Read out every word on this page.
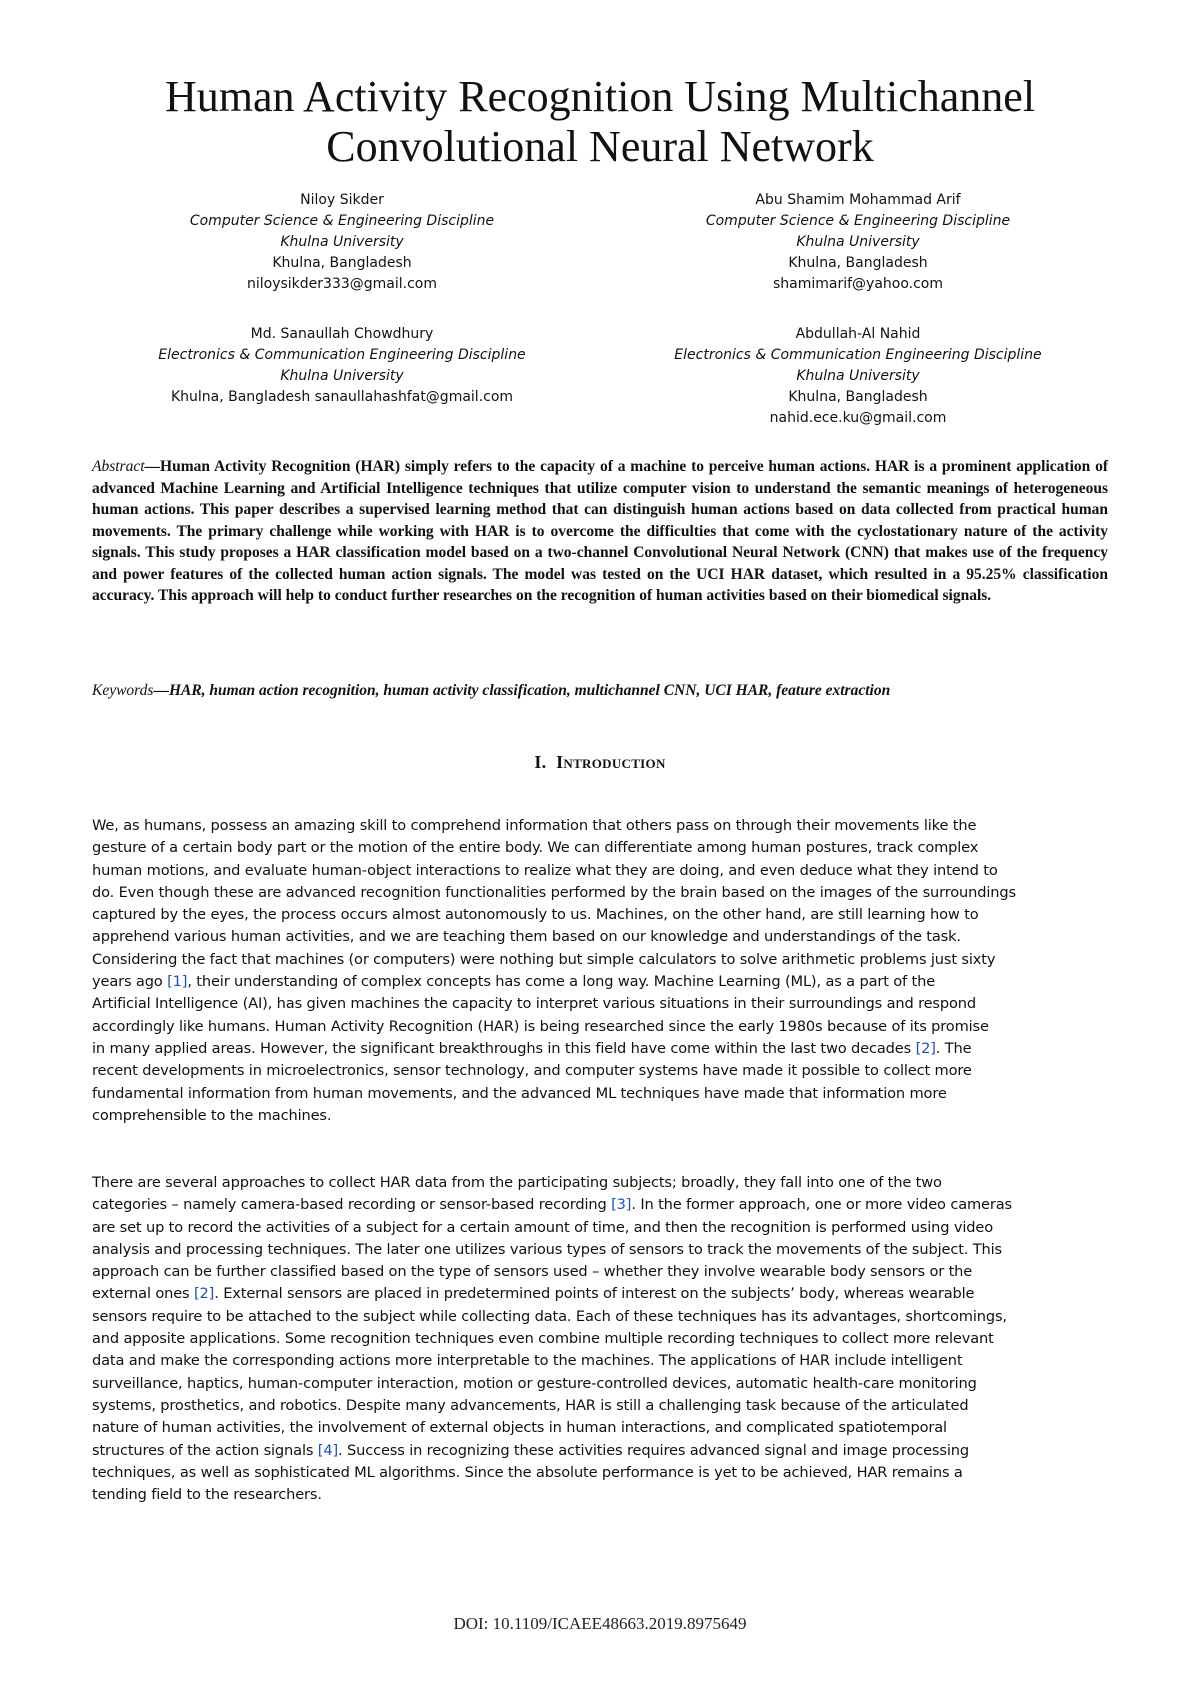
Human Activity Recognition Using Multichannel
Convolutional Neural Network
Niloy Sikder
Computer Science & Engineering Discipline
Khulna University
Khulna, Bangladesh
niloysikder333@gmail.com
Abu Shamim Mohammad Arif
Computer Science & Engineering Discipline
Khulna University
Khulna, Bangladesh
shamimarif@yahoo.com
Md. Sanaullah Chowdhury
Electronics & Communication Engineering Discipline
Khulna University
Khulna, Bangladesh sanaullahashfat@gmail.com
Abdullah-Al Nahid
Electronics & Communication Engineering Discipline
Khulna University
Khulna, Bangladesh
nahid.ece.ku@gmail.com

Abstract—Human Activity Recognition (HAR) simply refers to the capacity of a machine to perceive human actions. HAR is a prominent application of advanced Machine Learning and Artificial Intelligence techniques that utilize computer vision to understand the semantic meanings of heterogeneous human actions. This paper describes a supervised learning method that can distinguish human actions based on data collected from practical human movements. The primary challenge while working with HAR is to overcome the difficulties that come with the cyclostationary nature of the activity signals. This study proposes a HAR classification model based on a two-channel Convolutional Neural Network (CNN) that makes use of the frequency and power features of the collected human action signals. The model was tested on the UCI HAR dataset, which resulted in a 95.25% classification accuracy. This approach will help to conduct further researches on the recognition of human activities based on their biomedical signals.

Keywords—HAR, human action recognition, human activity classification, multichannel CNN, UCI HAR, feature extraction

I. Introduction
We, as humans, possess an amazing skill to comprehend information that others pass on through their movements like the
gesture of a certain body part or the motion of the entire body. We can differentiate among human postures, track complex
human motions, and evaluate human-object interactions to realize what they are doing, and even deduce what they intend to
do. Even though these are advanced recognition functionalities performed by the brain based on the images of the surroundings
captured by the eyes, the process occurs almost autonomously to us. Machines, on the other hand, are still learning how to
apprehend various human activities, and we are teaching them based on our knowledge and understandings of the task.
Considering the fact that machines (or computers) were nothing but simple calculators to solve arithmetic problems just sixty
years ago [1], their understanding of complex concepts has come a long way. Machine Learning (ML), as a part of the
Artificial Intelligence (AI), has given machines the capacity to interpret various situations in their surroundings and respond
accordingly like humans. Human Activity Recognition (HAR) is being researched since the early 1980s because of its promise
in many applied areas. However, the significant breakthroughs in this field have come within the last two decades [2]. The
recent developments in microelectronics, sensor technology, and computer systems have made it possible to collect more
fundamental information from human movements, and the advanced ML techniques have made that information more
comprehensible to the machines.
There are several approaches to collect HAR data from the participating subjects; broadly, they fall into one of the two
categories – namely camera-based recording or sensor-based recording [3]. In the former approach, one or more video cameras
are set up to record the activities of a subject for a certain amount of time, and then the recognition is performed using video
analysis and processing techniques. The later one utilizes various types of sensors to track the movements of the subject. This
approach can be further classified based on the type of sensors used – whether they involve wearable body sensors or the
external ones [2]. External sensors are placed in predetermined points of interest on the subjects’ body, whereas wearable
sensors require to be attached to the subject while collecting data. Each of these techniques has its advantages, shortcomings,
and apposite applications. Some recognition techniques even combine multiple recording techniques to collect more relevant
data and make the corresponding actions more interpretable to the machines. The applications of HAR include intelligent
surveillance, haptics, human-computer interaction, motion or gesture-controlled devices, automatic health-care monitoring
systems, prosthetics, and robotics. Despite many advancements, HAR is still a challenging task because of the articulated
nature of human activities, the involvement of external objects in human interactions, and complicated spatiotemporal
structures of the action signals [4]. Success in recognizing these activities requires advanced signal and image processing
techniques, as well as sophisticated ML algorithms. Since the absolute performance is yet to be achieved, HAR remains a
tending field to the researchers.
DOI: 10.1109/ICAEE48663.2019.8975649
